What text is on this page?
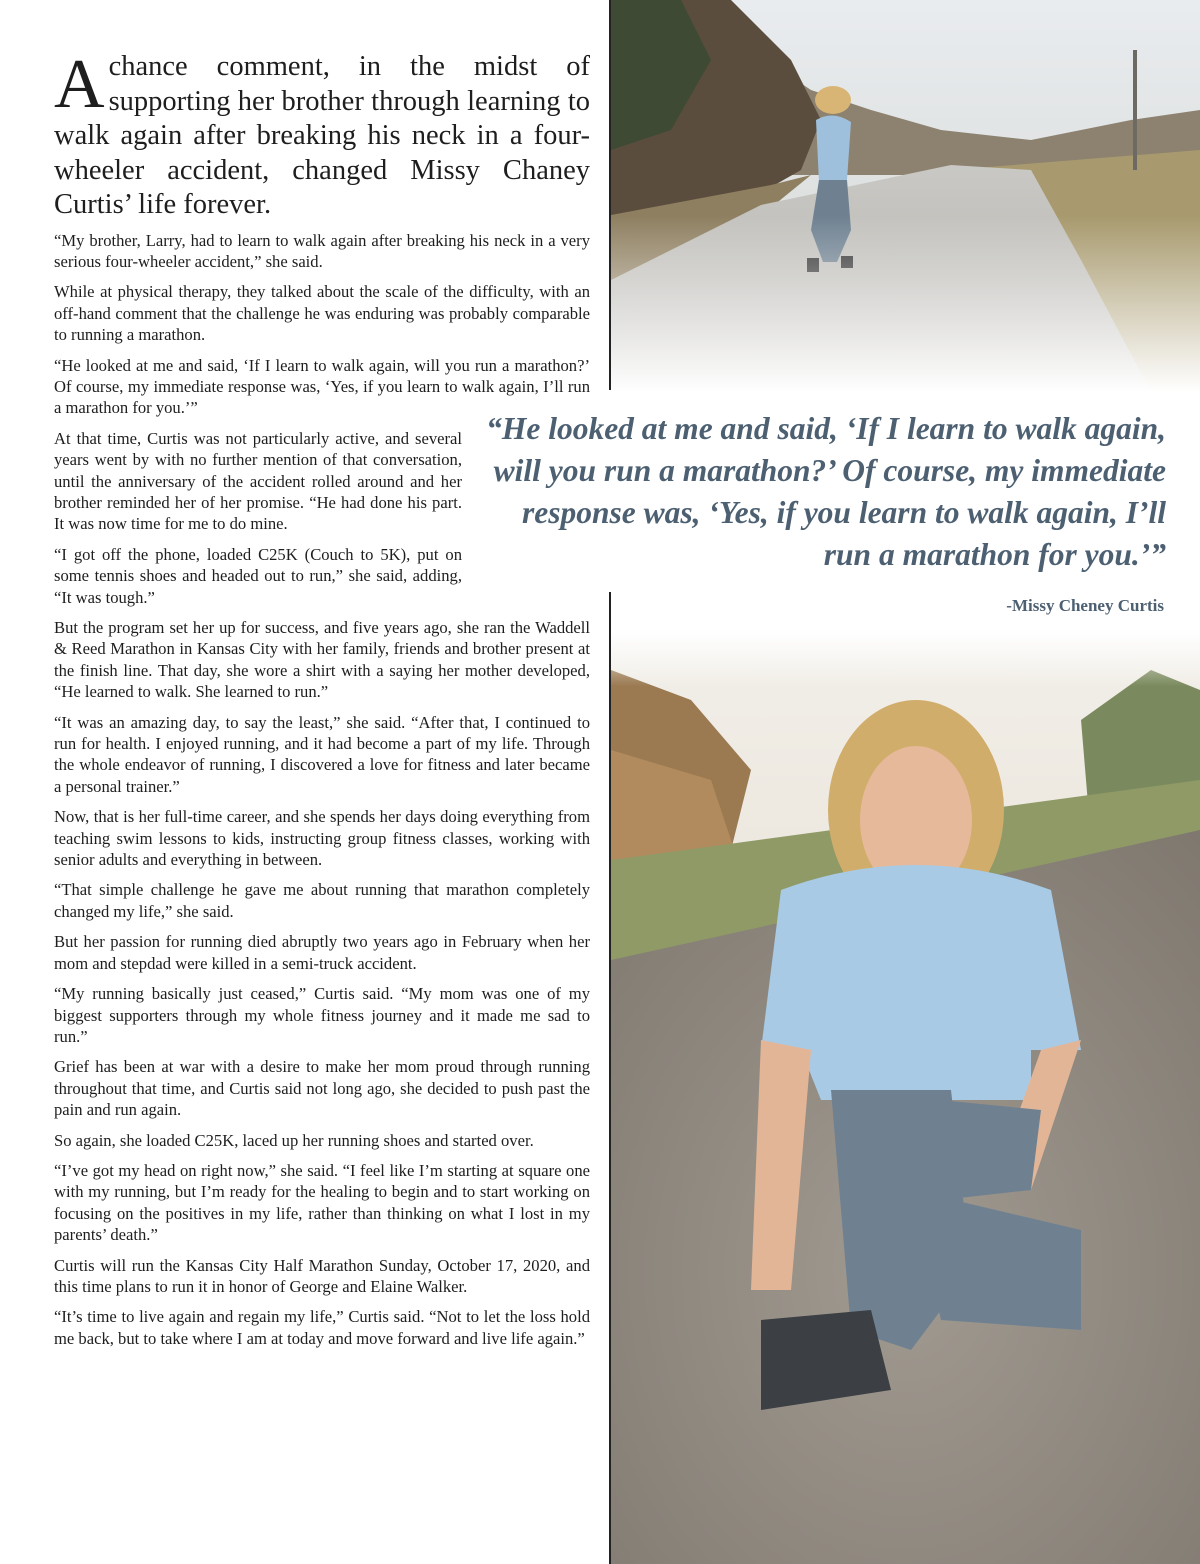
Achance comment, in the midst of supporting her brother through learning to walk again after breaking his neck in a four-wheeler accident, changed Missy Chaney Curtis’ life forever.

“My brother, Larry, had to learn to walk again after breaking his neck in a very serious four-wheeler accident,” she said.

While at physical therapy, they talked about the scale of the difficulty, with an off-hand comment that the challenge he was enduring was probably comparable to running a marathon.

“He looked at me and said, ‘If I learn to walk again, will you run a marathon?’ Of course, my immediate response was, ‘Yes, if you learn to walk again, I’ll run a marathon for you.’”

At that time, Curtis was not particularly active, and several years went by with no further mention of that conversation, until the anniversary of the accident rolled around and her brother reminded her of her promise. “He had done his part. It was now time for me to do mine.

“I got off the phone, loaded C25K (Couch to 5K), put on some tennis shoes and headed out to run,” she said, adding, “It was tough.”

But the program set her up for success, and five years ago, she ran the Waddell & Reed Marathon in Kansas City with her family, friends and brother present at the finish line. That day, she wore a shirt with a saying her mother developed, “He learned to walk. She learned to run.”

“It was an amazing day, to say the least,” she said. “After that, I continued to run for health. I enjoyed running, and it had become a part of my life. Through the whole endeavor of running, I discovered a love for fitness and later became a personal trainer.”

Now, that is her full-time career, and she spends her days doing everything from teaching swim lessons to kids, instructing group fitness classes, working with senior adults and everything in between.

“That simple challenge he gave me about running that marathon completely changed my life,” she said.

But her passion for running died abruptly two years ago in February when her mom and stepdad were killed in a semi-truck accident.

“My running basically just ceased,” Curtis said. “My mom was one of my biggest supporters through my whole fitness journey and it made me sad to run.”

Grief has been at war with a desire to make her mom proud through running throughout that time, and Curtis said not long ago, she decided to push past the pain and run again.

So again, she loaded C25K, laced up her running shoes and started over.

“I’ve got my head on right now,” she said. “I feel like I’m starting at square one with my running, but I’m ready for the healing to begin and to start working on focusing on the positives in my life, rather than thinking on what I lost in my parents’ death.”

Curtis will run the Kansas City Half Marathon Sunday, October 17, 2020, and this time plans to run it in honor of George and Elaine Walker.

“It’s time to live again and regain my life,” Curtis said. “Not to let the loss hold me back, but to take where I am at today and move forward and live life again.”

“He looked at me and said, ‘If I learn to walk again, will you run a marathon?’ Of course, my immediate response was, ‘Yes, if you learn to walk again, I’ll run a marathon for you.’”
-Missy Cheney Curtis
